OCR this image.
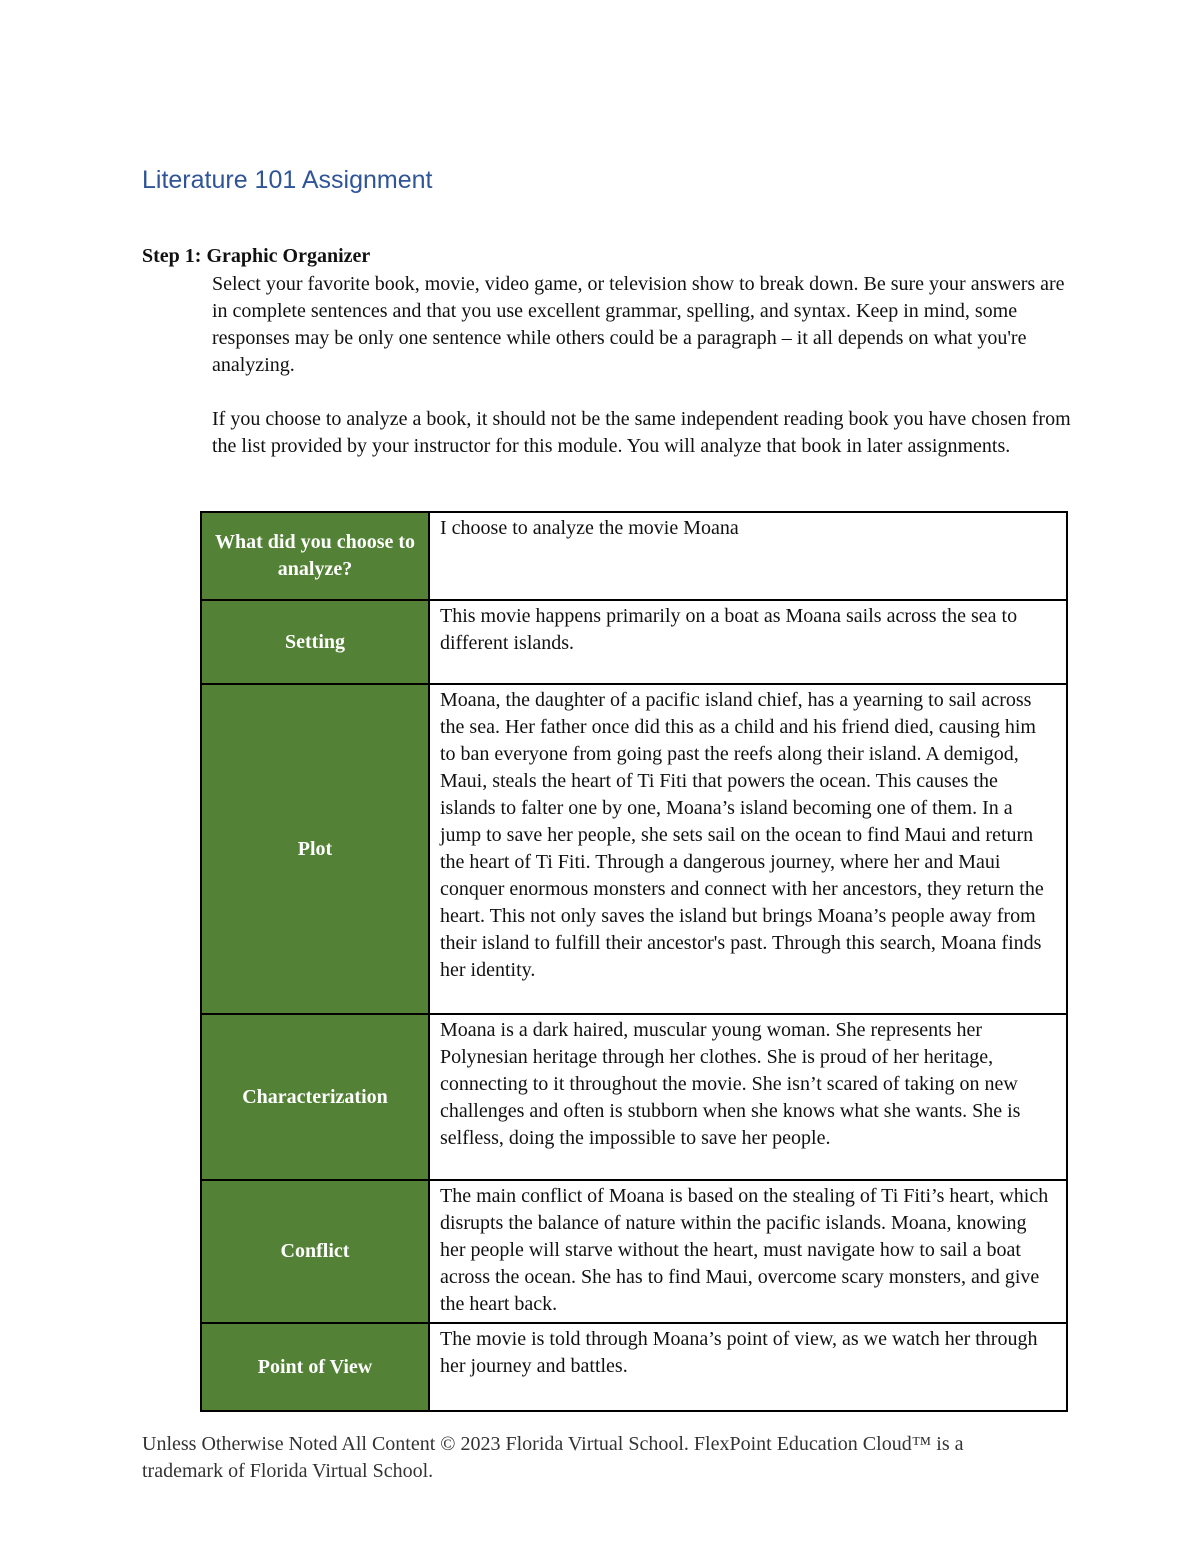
Literature 101 Assignment
Step 1: Graphic Organizer

Select your favorite book, movie, video game, or television show to break down. Be sure your answers are in complete sentences and that you use excellent grammar, spelling, and syntax. Keep in mind, some responses may be only one sentence while others could be a paragraph – it all depends on what you're analyzing.

If you choose to analyze a book, it should not be the same independent reading book you have chosen from the list provided by your instructor for this module. You will analyze that book in later assignments.

What did you choose to analyze?	I choose to analyze the movie Moana
Setting	This movie happens primarily on a boat as Moana sails across the sea to different islands.
Plot	Moana, the daughter of a pacific island chief, has a yearning to sail across the sea. Her father once did this as a child and his friend died, causing him to ban everyone from going past the reefs along their island. A demigod, Maui, steals the heart of Ti Fiti that powers the ocean. This causes the islands to falter one by one, Moana’s island becoming one of them. In a jump to save her people, she sets sail on the ocean to find Maui and return the heart of Ti Fiti. Through a dangerous journey, where her and Maui conquer enormous monsters and connect with her ancestors, they return the heart. This not only saves the island but brings Moana’s people away from their island to fulfill their ancestor's past. Through this search, Moana finds her identity.
Characterization	Moana is a dark haired, muscular young woman. She represents her Polynesian heritage through her clothes. She is proud of her heritage, connecting to it throughout the movie. She isn’t scared of taking on new challenges and often is stubborn when she knows what she wants. She is selfless, doing the impossible to save her people.
Conflict	The main conflict of Moana is based on the stealing of Ti Fiti’s heart, which disrupts the balance of nature within the pacific islands. Moana, knowing her people will starve without the heart, must navigate how to sail a boat across the ocean. She has to find Maui, overcome scary monsters, and give the heart back.
Point of View	The movie is told through Moana’s point of view, as we watch her through her journey and battles.

Unless Otherwise Noted All Content © 2023 Florida Virtual School. FlexPoint Education Cloud™ is a trademark of Florida Virtual School.
